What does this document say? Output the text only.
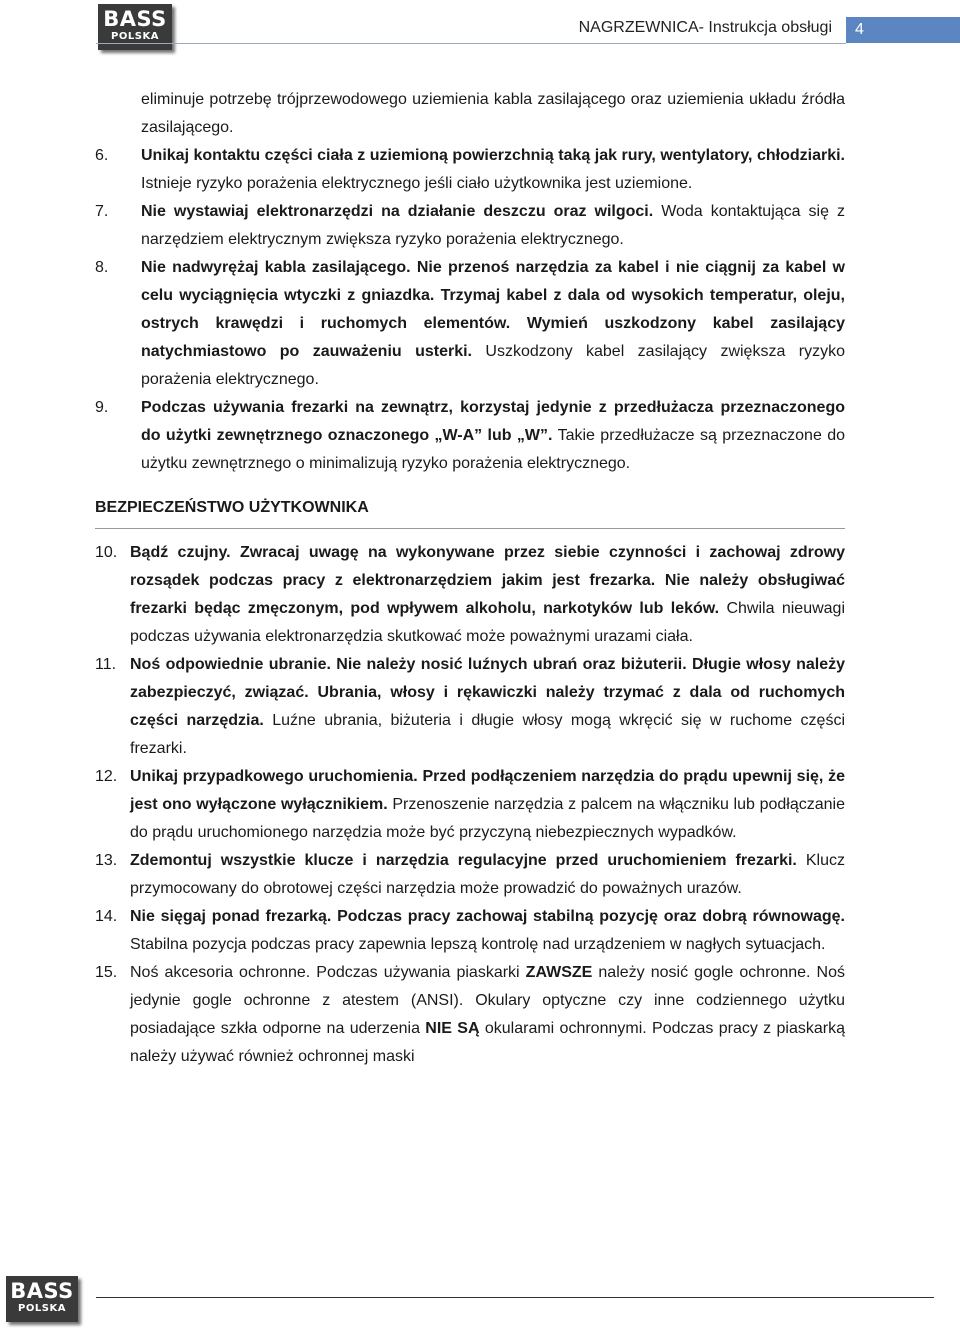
BASS
POLSKA
NAGRZEWNICA- Instrukcja obsługi 4
eliminuje potrzebę trójprzewodowego uziemienia kabla zasilającego oraz uziemienia układu źródła zasilającego.
6.	Unikaj kontaktu części ciała z uziemioną powierzchnią taką jak rury, wentylatory, chłodziarki. Istnieje ryzyko porażenia elektrycznego jeśli ciało użytkownika jest uziemione.
7.	Nie wystawiaj elektronarzędzi na działanie deszczu oraz wilgoci. Woda kontaktująca się z narzędziem elektrycznym zwiększa ryzyko porażenia elektrycznego.
8.	Nie nadwyrężaj kabla zasilającego. Nie przenoś narzędzia za kabel i nie ciągnij za kabel w celu wyciągnięcia wtyczki z gniazdka. Trzymaj kabel z dala od wysokich temperatur, oleju, ostrych krawędzi i ruchomych elementów. Wymień uszkodzony kabel zasilający natychmiastowo po zauważeniu usterki. Uszkodzony kabel zasilający zwiększa ryzyko porażenia elektrycznego.
9.	Podczas używania frezarki na zewnątrz, korzystaj jedynie z przedłużacza przeznaczonego do użytki zewnętrznego oznaczonego „W-A” lub „W”. Takie przedłużacze są przeznaczone do użytku zewnętrznego o minimalizują ryzyko porażenia elektrycznego.
BEZPIECZEŃSTWO UŻYTKOWNIKA
10. Bądź czujny. Zwracaj uwagę na wykonywane przez siebie czynności i zachowaj zdrowy rozsądek podczas pracy z elektronarzędziem jakim jest frezarka. Nie należy obsługiwać frezarki będąc zmęczonym, pod wpływem alkoholu, narkotyków lub leków. Chwila nieuwagi podczas używania elektronarzędzia skutkować może poważnymi urazami ciała.
11. Noś odpowiednie ubranie. Nie należy nosić luźnych ubrań oraz biżuterii. Długie włosy należy zabezpieczyć, związać. Ubrania, włosy i rękawiczki należy trzymać z dala od ruchomych części narzędzia. Luźne ubrania, biżuteria i długie włosy mogą wkręcić się w ruchome części frezarki.
12. Unikaj przypadkowego uruchomienia. Przed podłączeniem narzędzia do prądu upewnij się, że jest ono wyłączone wyłącznikiem. Przenoszenie narzędzia z palcem na włączniku lub podłączanie do prądu uruchomionego narzędzia może być przyczyną niebezpiecznych wypadków.
13. Zdemontuj wszystkie klucze i narzędzia regulacyjne przed uruchomieniem frezarki. Klucz przymocowany do obrotowej części narzędzia może prowadzić do poważnych urazów.
14. Nie sięgaj ponad frezarką. Podczas pracy zachowaj stabilną pozycję oraz dobrą równowagę. Stabilna pozycja podczas pracy zapewnia lepszą kontrolę nad urządzeniem w nagłych sytuacjach.
15. Noś akcesoria ochronne. Podczas używania piaskarki ZAWSZE należy nosić gogle ochronne. Noś jedynie gogle ochronne z atestem (ANSI). Okulary optyczne czy inne codziennego użytku posiadające szkła odporne na uderzenia NIE SĄ okularami ochronnymi. Podczas pracy z piaskarką należy używać również ochronnej maski
BASS
POLSKA
